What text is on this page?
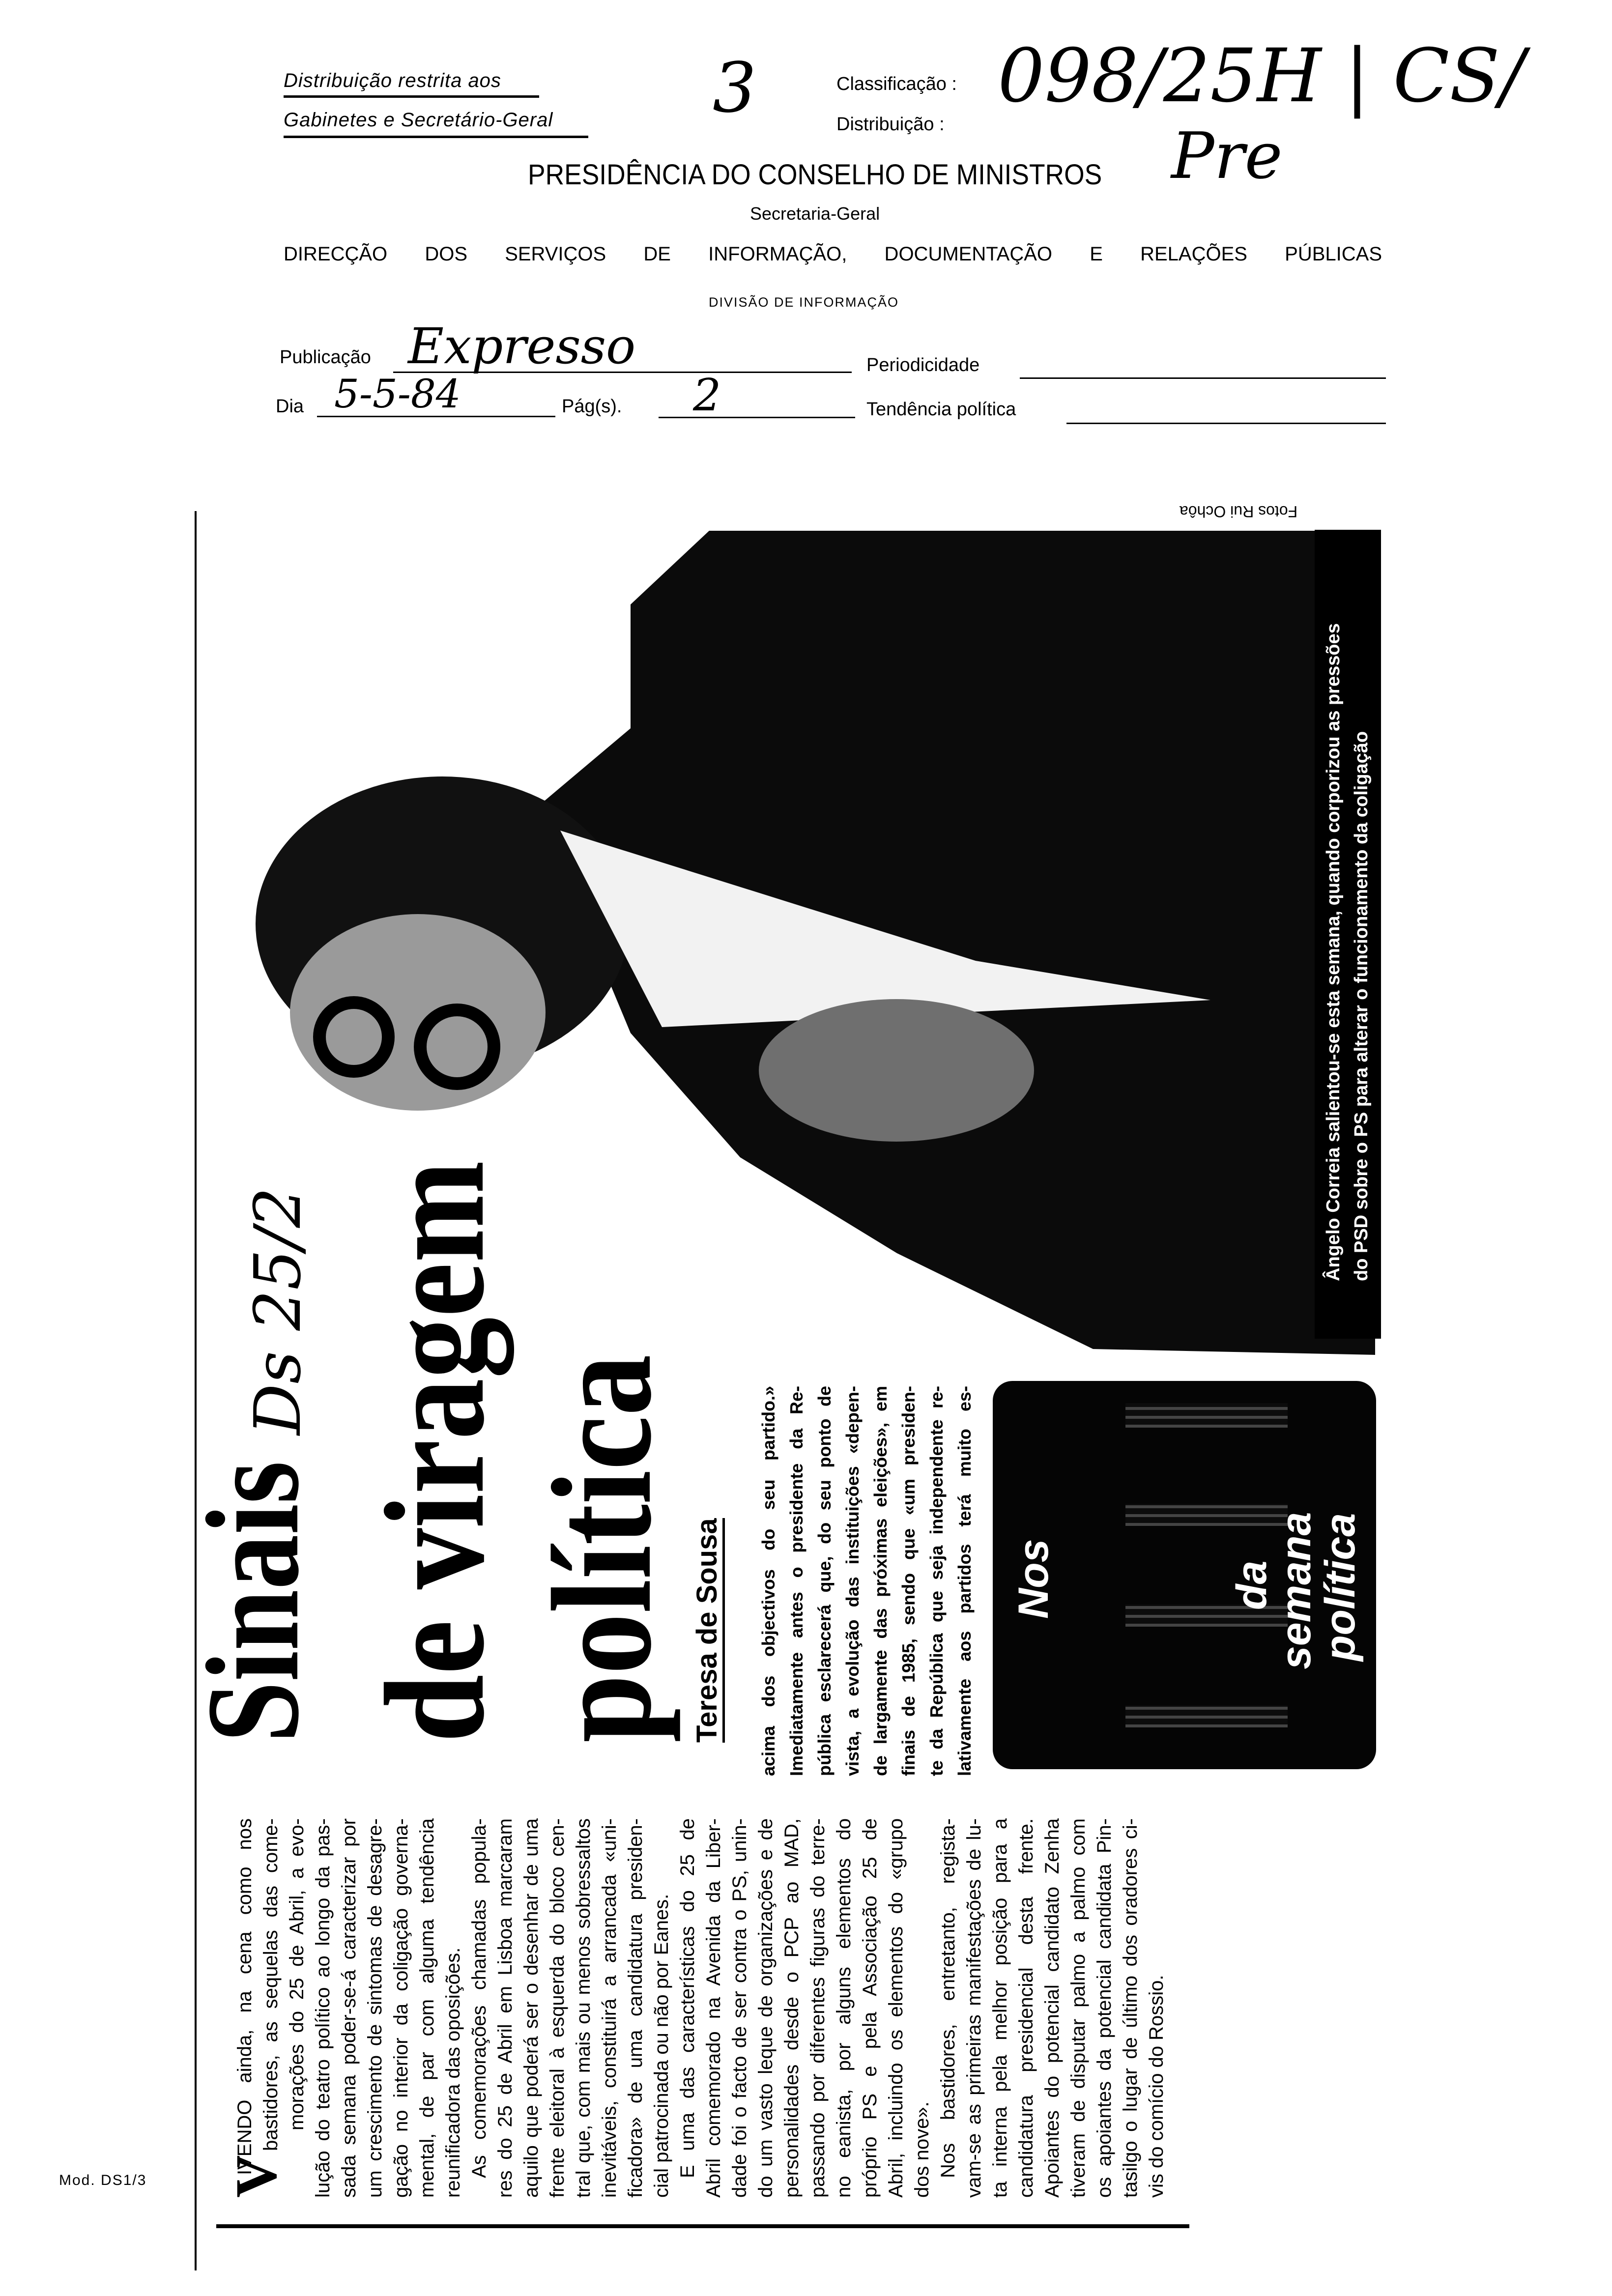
Distribuição restrita aos
Gabinetes e Secretário-Geral 3	Classificação :
Distribuição :
098/25H | CS/
Pre
PRESIDÊNCIA DO CONSELHO DE MINISTROS
Secretaria-Geral
DIRECÇÃO DOS SERVIÇOS DE INFORMAÇÃO, DOCUMENTAÇÃO E RELAÇÕES PÚBLICAS
DIVISÃO DE INFORMAÇÃO
Publicação Expresso	Periodicidade
Dia 5-5-84	Pág(s). 2	Tendência política
Mod. DS1/3
Fotos Rui Ochôa
V
IVENDO ainda, na cena como nos bastidores, as sequelas das come- morações do 25 de Abril, a evo- lução do teatro político ao longo da pas- sada semana poder-se-á caracterizar por um crescimento de sintomas de desagre- gação no interior da coligação governa- mental, de par com alguma tendência reunificadora das oposições. As comemorações chamadas popula- res do 25 de Abril em Lisboa marcaram aquilo que poderá ser o desenhar de uma frente eleitoral à esquerda do bloco cen- tral que, com mais ou menos sobressaltos inevitáveis, constituirá a arrancada «uni- ficadora» de uma candidatura presiden- cial patrocinada ou não por Eanes. E uma das características do 25 de Abril comemorado na Avenida da Liber- dade foi o facto de ser contra o PS, unin- do um vasto leque de organizações e de personalidades desde o PCP ao MAD, passando por diferentes figuras do terre- no eanista, por alguns elementos do próprio PS e pela Associação 25 de Abril, incluindo os elementos do «grupo dos nove». Nos bastidores, entretanto, regista- vam-se as primeiras manifestações de lu- ta interna pela melhor posição para a candidatura presidencial desta frente. Apoiantes do potencial candidato Zenha tiveram de disputar palmo a palmo com os apoiantes da potencial candidata Pin- tasilgo o lugar de último dos oradores ci- vis do comício do Rossio.
Sinais de viragem política
Ds 25/2
Teresa de Sousa acima dos objectivos do seu partido.» Imediatamente antes o presidente da Re- pública esclarecerá que, do seu ponto de vista, a evolução das instituições «depen- de largamente das próximas eleições», em finais de 1985, sendo que «um presiden- te da República que seja independente re- lativamente aos partidos terá muito es- Nos	da
semana
política
Ângelo Correia salientou-se esta semana, quando corporizou as pressões do PSD sobre o PS para alterar o funcionamento da coligação
